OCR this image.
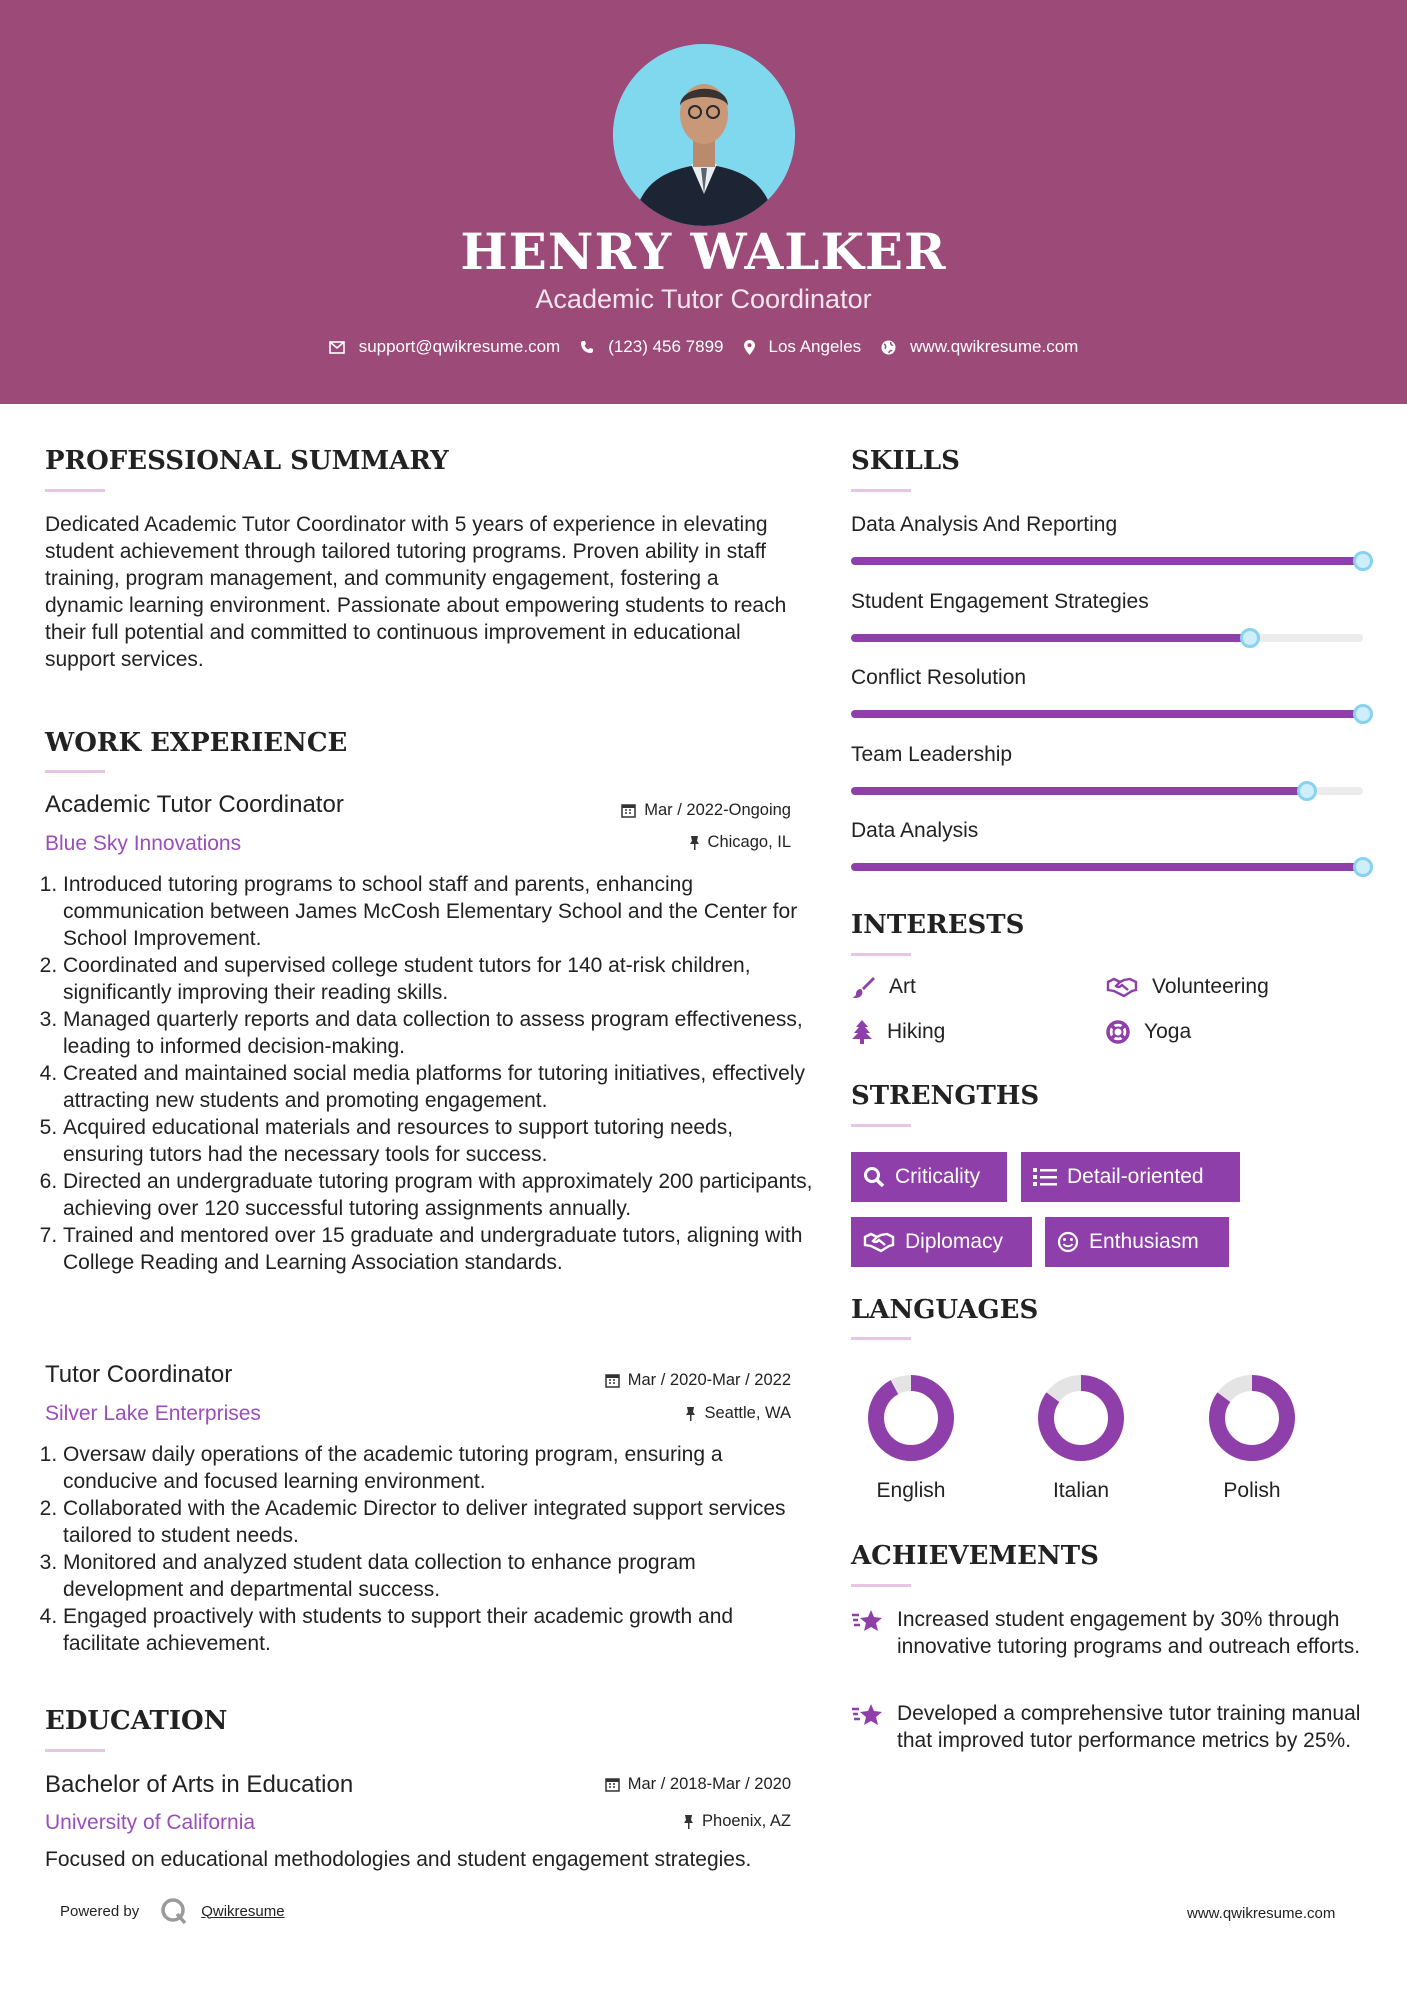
HENRY WALKER
Academic Tutor Coordinator
support@qwikresume.com	(123) 456 7899	Los Angeles	www.qwikresume.com
PROFESSIONAL SUMMARY

Dedicated Academic Tutor Coordinator with 5 years of experience in elevating student achievement through tailored tutoring programs. Proven ability in staff training, program management, and community engagement, fostering a dynamic learning environment. Passionate about empowering students to reach their full potential and committed to continuous improvement in educational support services.

WORK EXPERIENCE
Academic Tutor Coordinator	Mar / 2022-Ongoing
Blue Sky Innovations	Chicago, IL
1. Introduced tutoring programs to school staff and parents, enhancing communication between James McCosh Elementary School and the Center for School Improvement.
2. Coordinated and supervised college student tutors for 140 at-risk children, significantly improving their reading skills.
3. Managed quarterly reports and data collection to assess program effectiveness, leading to informed decision-making.
4. Created and maintained social media platforms for tutoring initiatives, effectively attracting new students and promoting engagement.
5. Acquired educational materials and resources to support tutoring needs, ensuring tutors had the necessary tools for success.
6. Directed an undergraduate tutoring program with approximately 200 participants, achieving over 120 successful tutoring assignments annually.
7. Trained and mentored over 15 graduate and undergraduate tutors, aligning with College Reading and Learning Association standards.
Tutor Coordinator	Mar / 2020-Mar / 2022
Silver Lake Enterprises	Seattle, WA
1. Oversaw daily operations of the academic tutoring program, ensuring a conducive and focused learning environment.
2. Collaborated with the Academic Director to deliver integrated support services tailored to student needs.
3. Monitored and analyzed student data collection to enhance program development and departmental success.
4. Engaged proactively with students to support their academic growth and facilitate achievement.
EDUCATION
Bachelor of Arts in Education	Mar / 2018-Mar / 2020
University of California	Phoenix, AZ

Focused on educational methodologies and student engagement strategies.

SKILLS
Data Analysis And Reporting
Student Engagement Strategies
Conflict Resolution
Team Leadership
Data Analysis
INTERESTS
Art	Volunteering
Hiking	Yoga
STRENGTHS
Criticality	Detail-oriented
Diplomacy	Enthusiasm
LANGUAGES
English	Italian	Polish
ACHIEVEMENTS
Increased student engagement by 30% through innovative tutoring programs and outreach efforts.
Developed a comprehensive tutor training manual that improved tutor performance metrics by 25%.
Powered by	Qwikresume	www.qwikresume.com
